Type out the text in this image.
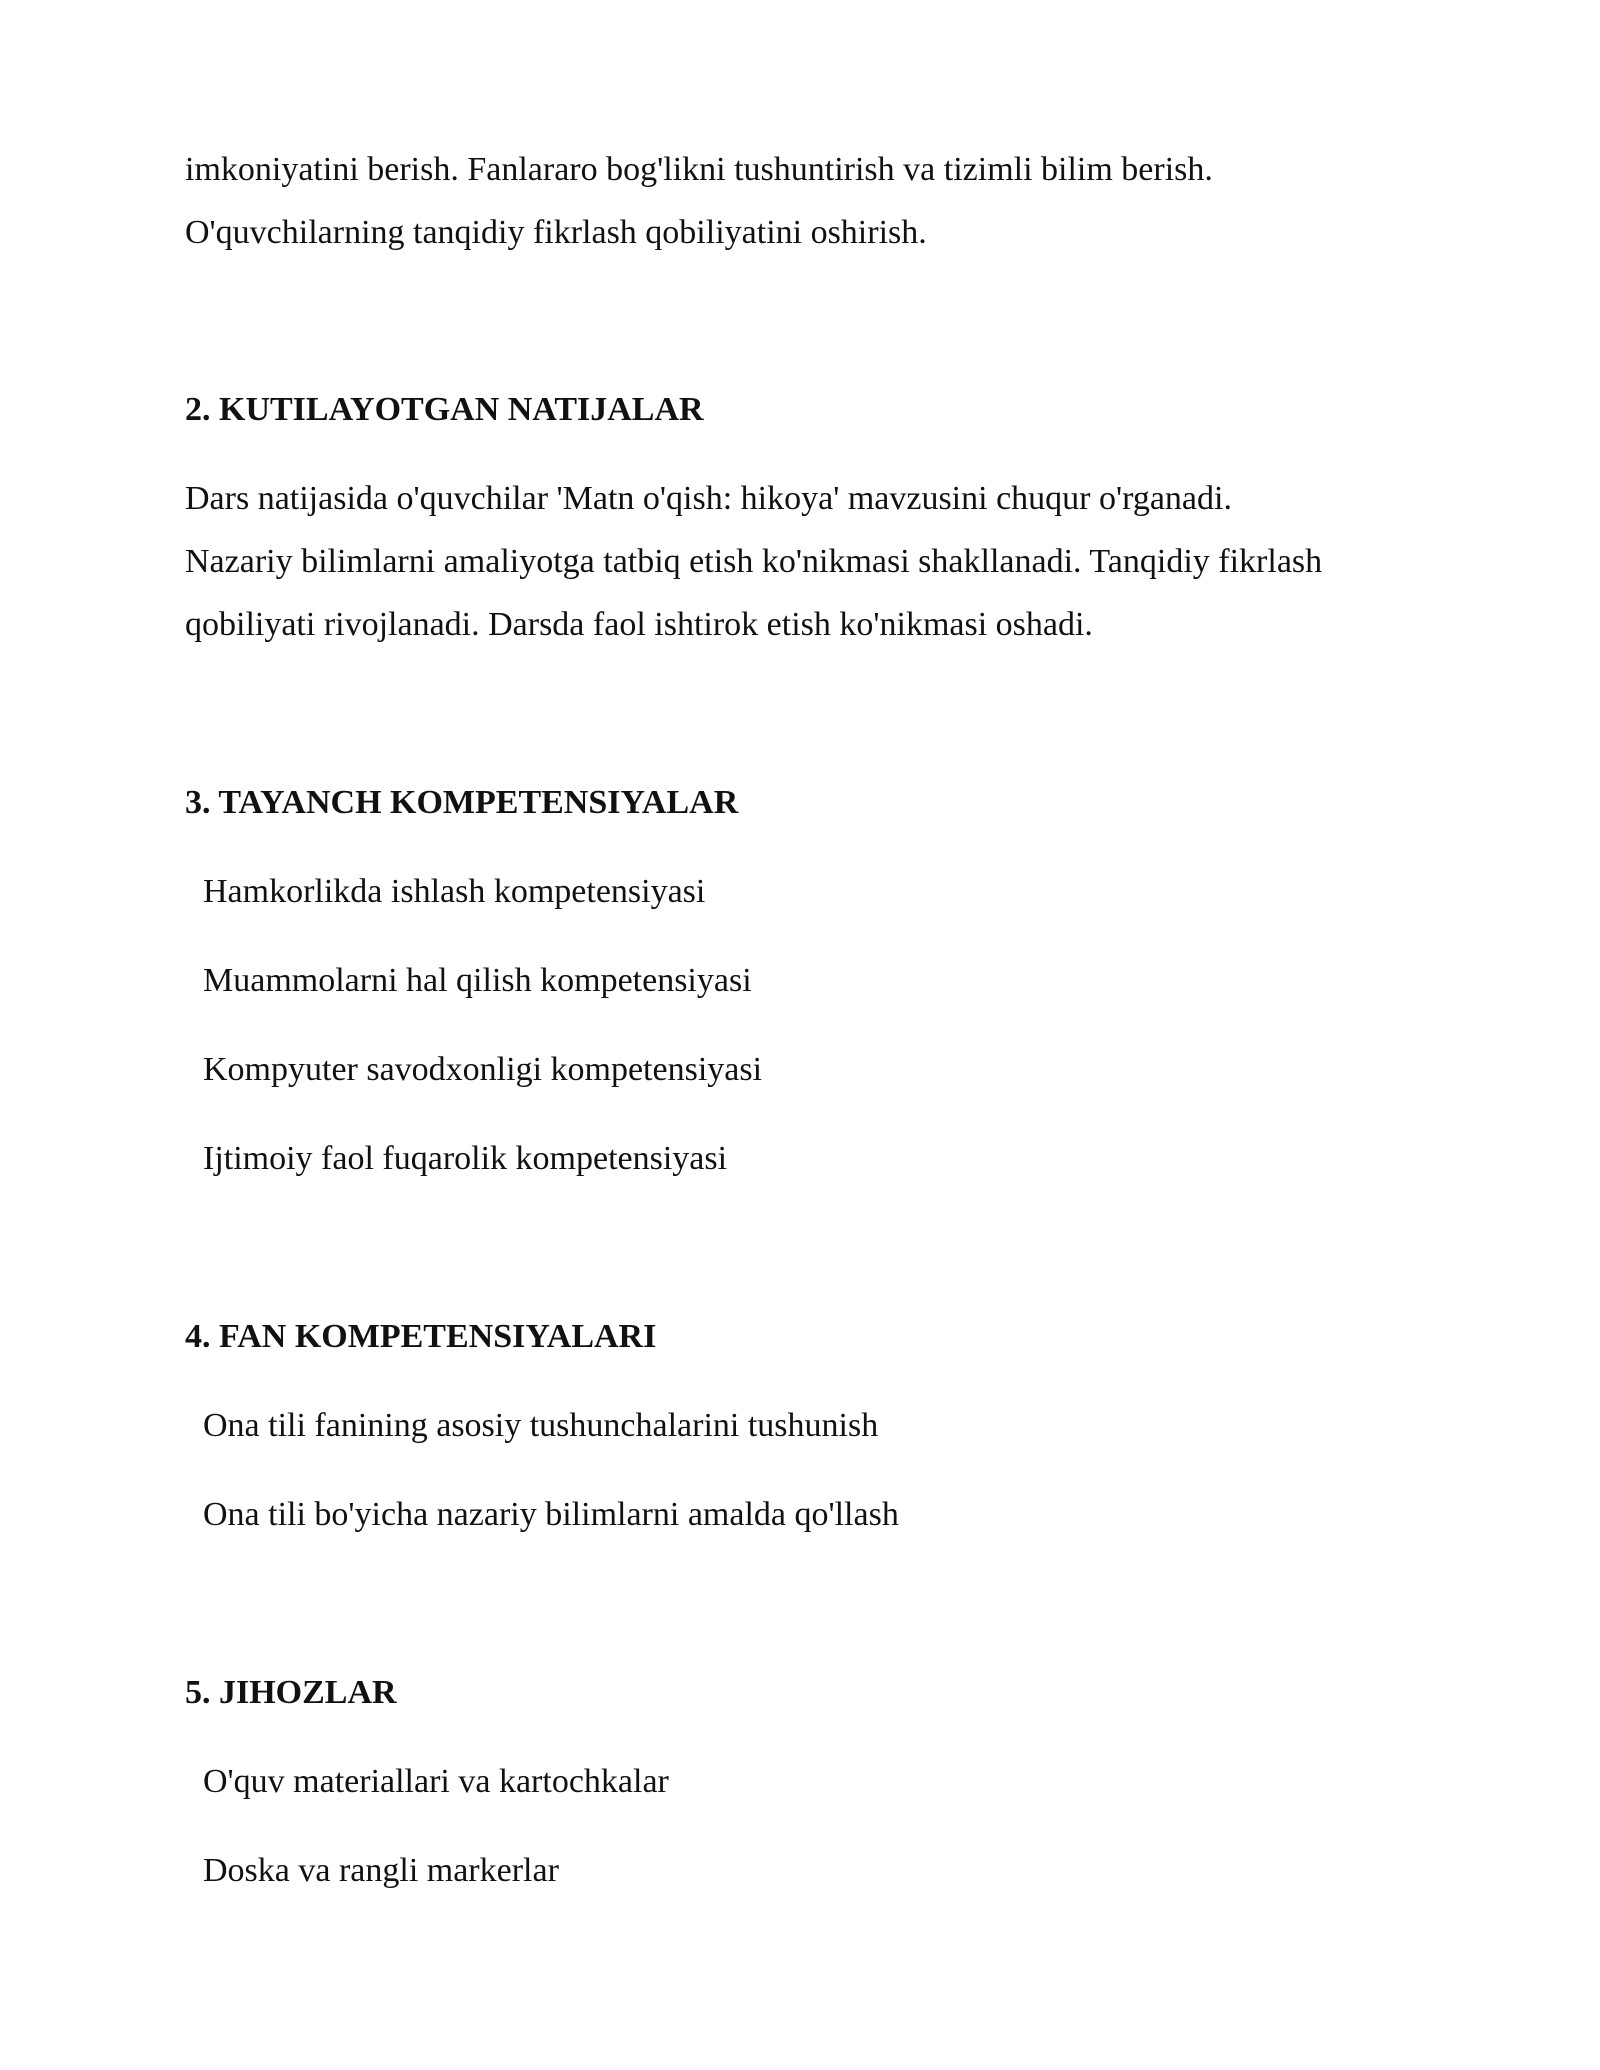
imkoniyatini berish. Fanlararo bog'likni tushuntirish va tizimli bilim berish.
O'quvchilarning tanqidiy fikrlash qobiliyatini oshirish.
2. KUTILAYOTGAN NATIJALAR
Dars natijasida o'quvchilar 'Matn o'qish: hikoya' mavzusini chuqur o'rganadi.
Nazariy bilimlarni amaliyotga tatbiq etish ko'nikmasi shakllanadi. Tanqidiy fikrlash
qobiliyati rivojlanadi. Darsda faol ishtirok etish ko'nikmasi oshadi.
3. TAYANCH KOMPETENSIYALAR
Hamkorlikda ishlash kompetensiyasi
Muammolarni hal qilish kompetensiyasi
Kompyuter savodxonligi kompetensiyasi
Ijtimoiy faol fuqarolik kompetensiyasi
4. FAN KOMPETENSIYALARI
Ona tili fanining asosiy tushunchalarini tushunish
Ona tili bo'yicha nazariy bilimlarni amalda qo'llash
5. JIHOZLAR
O'quv materiallari va kartochkalar
Doska va rangli markerlar
